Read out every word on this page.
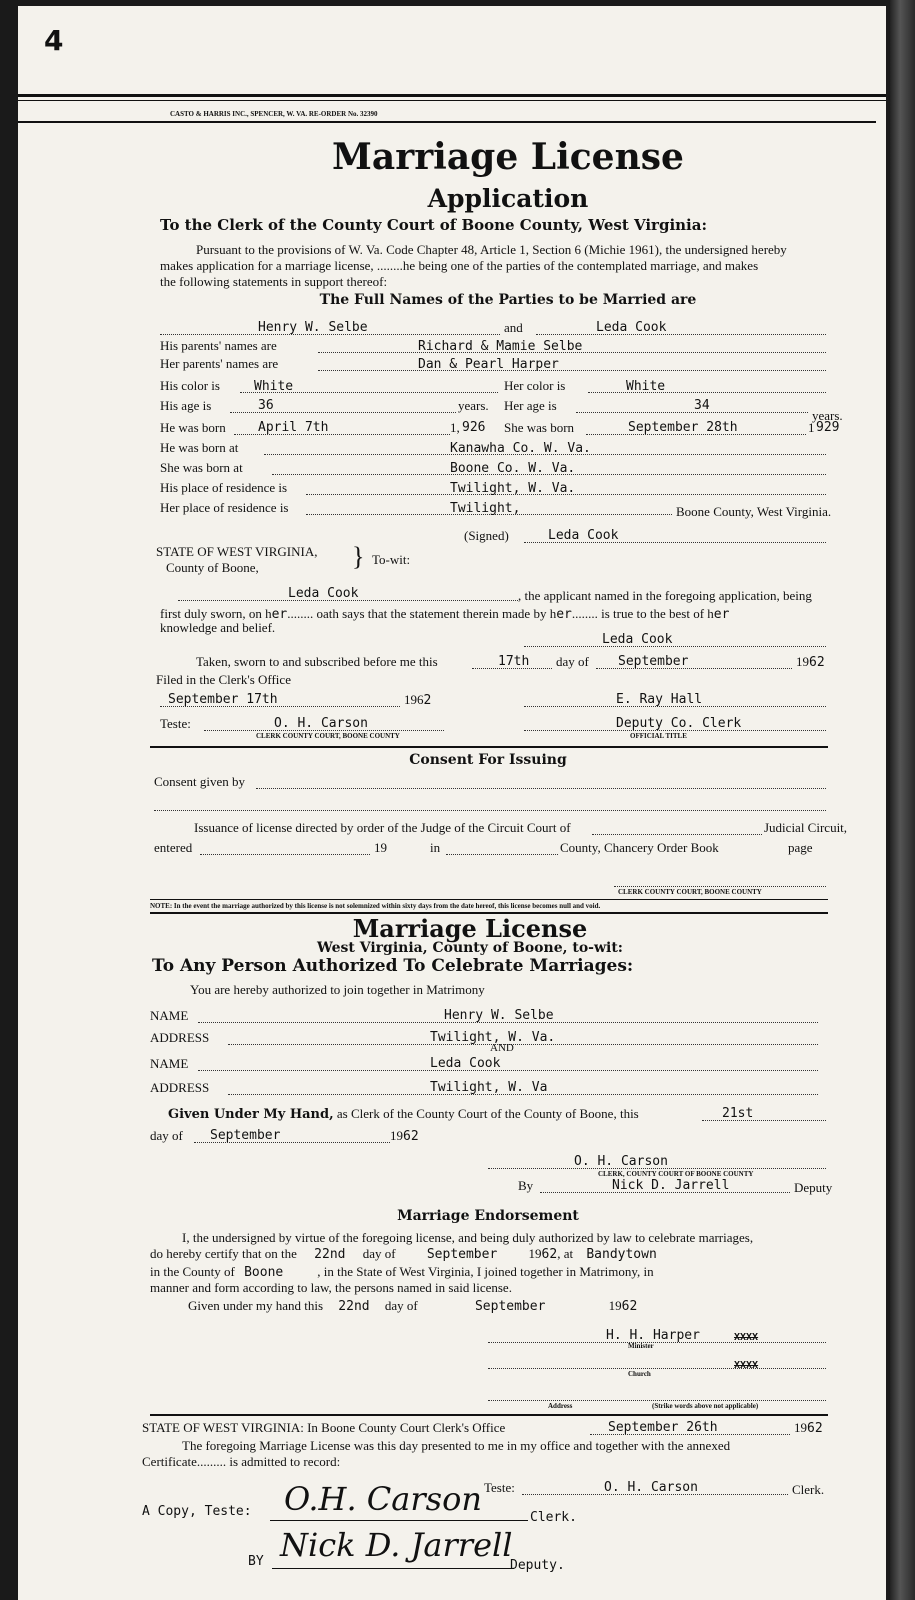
4
CASTO & HARRIS INC., SPENCER, W. VA. RE-ORDER No. 32390
Marriage License
Application
To the Clerk of the County Court of Boone County, West Virginia:
Pursuant to the provisions of W. Va. Code Chapter 48, Article 1, Section 6 (Michie 1961), the undersigned hereby
makes application for a marriage license, ........he being one of the parties of the contemplated marriage, and makes
the following statements in support thereof:
The Full Names of the Parties to be Married are
Henry W. Selbe	and	Leda Cook
His parents' names are	Richard & Mamie Selbe
Her parents' names are	Dan & Pearl Harper
His color is	White	Her color is	White
His age is	36	years. Her age is	34
years.
He was born April 7th	1, 926 She was born	September 28th	1 929
He was born at	Kanawha Co. W. Va.
She was born at	Boone Co. W. Va.
His place of residence is	Twilight, W. Va.
Her place of residence is	Twilight,	Boone County, West Virginia.
(Signed)	Leda Cook
STATE OF WEST VIRGINIA,
County of Boone,	} To-wit:
Leda Cook	, the applicant named in the foregoing application, being
first duly sworn, on her........ oath says that the statement therein made by her........ is true to the best of her
knowledge and belief.
Leda Cook
Taken, sworn to and subscribed before me this	17th day of September	1962
Filed in the Clerk's Office
September 17th	1962	E. Ray Hall
Teste:	O. H. Carson
CLERK COUNTY COURT, BOONE COUNTY
Deputy Co. Clerk
OFFICIAL TITLE
Consent For Issuing
Consent given by
Issuance of license directed by order of the Judge of the Circuit Court of	Judicial Circuit,
entered	19	in	County, Chancery Order Book	page
CLERK COUNTY COURT, BOONE COUNTY
NOTE: In the event the marriage authorized by this license is not solemnized within sixty days from the date hereof, this license becomes null and void.
Marriage License
West Virginia, County of Boone, to-wit:
To Any Person Authorized To Celebrate Marriages:
You are hereby authorized to join together in Matrimony
NAME	Henry W. Selbe
ADDRESS	Twilight, W. Va.
AND
NAME	Leda Cook
ADDRESS	Twilight, W. Va
Given Under My Hand, as Clerk of the County Court of the County of Boone, this	21st
day of September	1962
O. H. Carson
CLERK, COUNTY COURT OF BOONE COUNTY
By	Nick D. Jarrell	Deputy
Marriage Endorsement
I, the undersigned by virtue of the foregoing license, and being duly authorized by law to celebrate marriages,
do hereby certify that on the 22nd day of September 1962, at Bandytown
in the County of Boone	, in the State of West Virginia, I joined together in Matrimony, in
manner and form according to law, the persons named in said license.
Given under my hand this 22nd day of	September	1962
H. H. Harper	XXXX
Minister
Church
XXXX
Address	(Strike words above not applicable)
STATE OF WEST VIRGINIA: In Boone County Court Clerk's Office	September 26th	1962
The foregoing Marriage License was this day presented to me in my office and together with the annexed
Certificate......... is admitted to record:
Teste:	O. H. Carson	Clerk.
A Copy, Teste: O.H. Carson	Clerk.
BY Nick D. Jarrell
Deputy.
